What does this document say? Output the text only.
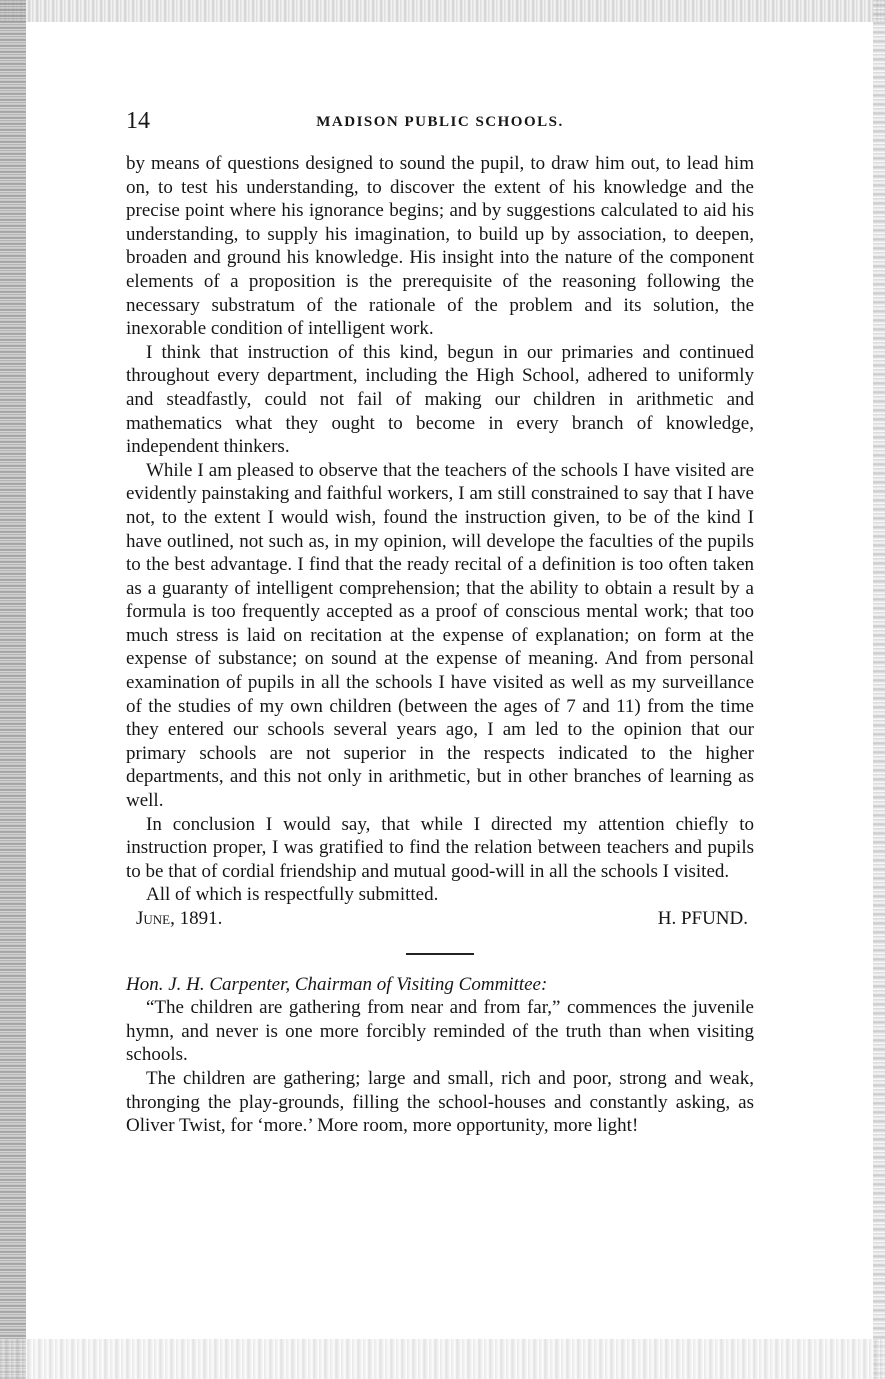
14	MADISON PUBLIC SCHOOLS.

by means of questions designed to sound the pupil, to draw him out, to lead him on, to test his understanding, to discover the extent of his knowledge and the precise point where his ignorance begins; and by suggestions calculated to aid his understanding, to supply his imagination, to build up by association, to deepen, broaden and ground his knowledge. His insight into the nature of the component elements of a proposition is the prerequisite of the reasoning following the necessary substratum of the rationale of the problem and its solution, the inexorable condition of intelligent work.

I think that instruction of this kind, begun in our primaries and continued throughout every department, including the High School, adhered to uniformly and steadfastly, could not fail of making our children in arithmetic and mathematics what they ought to become in every branch of knowledge, independent thinkers.

While I am pleased to observe that the teachers of the schools I have visited are evidently painstaking and faithful workers, I am still constrained to say that I have not, to the extent I would wish, found the instruction given, to be of the kind I have outlined, not such as, in my opinion, will develope the faculties of the pupils to the best advantage. I find that the ready recital of a definition is too often taken as a guaranty of intelligent comprehension; that the ability to obtain a result by a formula is too frequently accepted as a proof of conscious mental work; that too much stress is laid on recitation at the expense of explanation; on form at the expense of substance; on sound at the expense of meaning. And from personal examination of pupils in all the schools I have visited as well as my surveillance of the studies of my own children (between the ages of 7 and 11) from the time they entered our schools several years ago, I am led to the opinion that our primary schools are not superior in the respects indicated to the higher departments, and this not only in arithmetic, but in other branches of learning as well.

In conclusion I would say, that while I directed my attention chiefly to instruction proper, I was gratified to find the relation between teachers and pupils to be that of cordial friendship and mutual good-will in all the schools I visited.

All of which is respectfully submitted.

June, 1891.	H. PFUND.

Hon. J. H. Carpenter, Chairman of Visiting Committee:

“The children are gathering from near and from far,” commences the juvenile hymn, and never is one more forcibly reminded of the truth than when visiting schools.

The children are gathering; large and small, rich and poor, strong and weak, thronging the play-grounds, filling the school-houses and constantly asking, as Oliver Twist, for ‘more.’ More room, more opportunity, more light!
